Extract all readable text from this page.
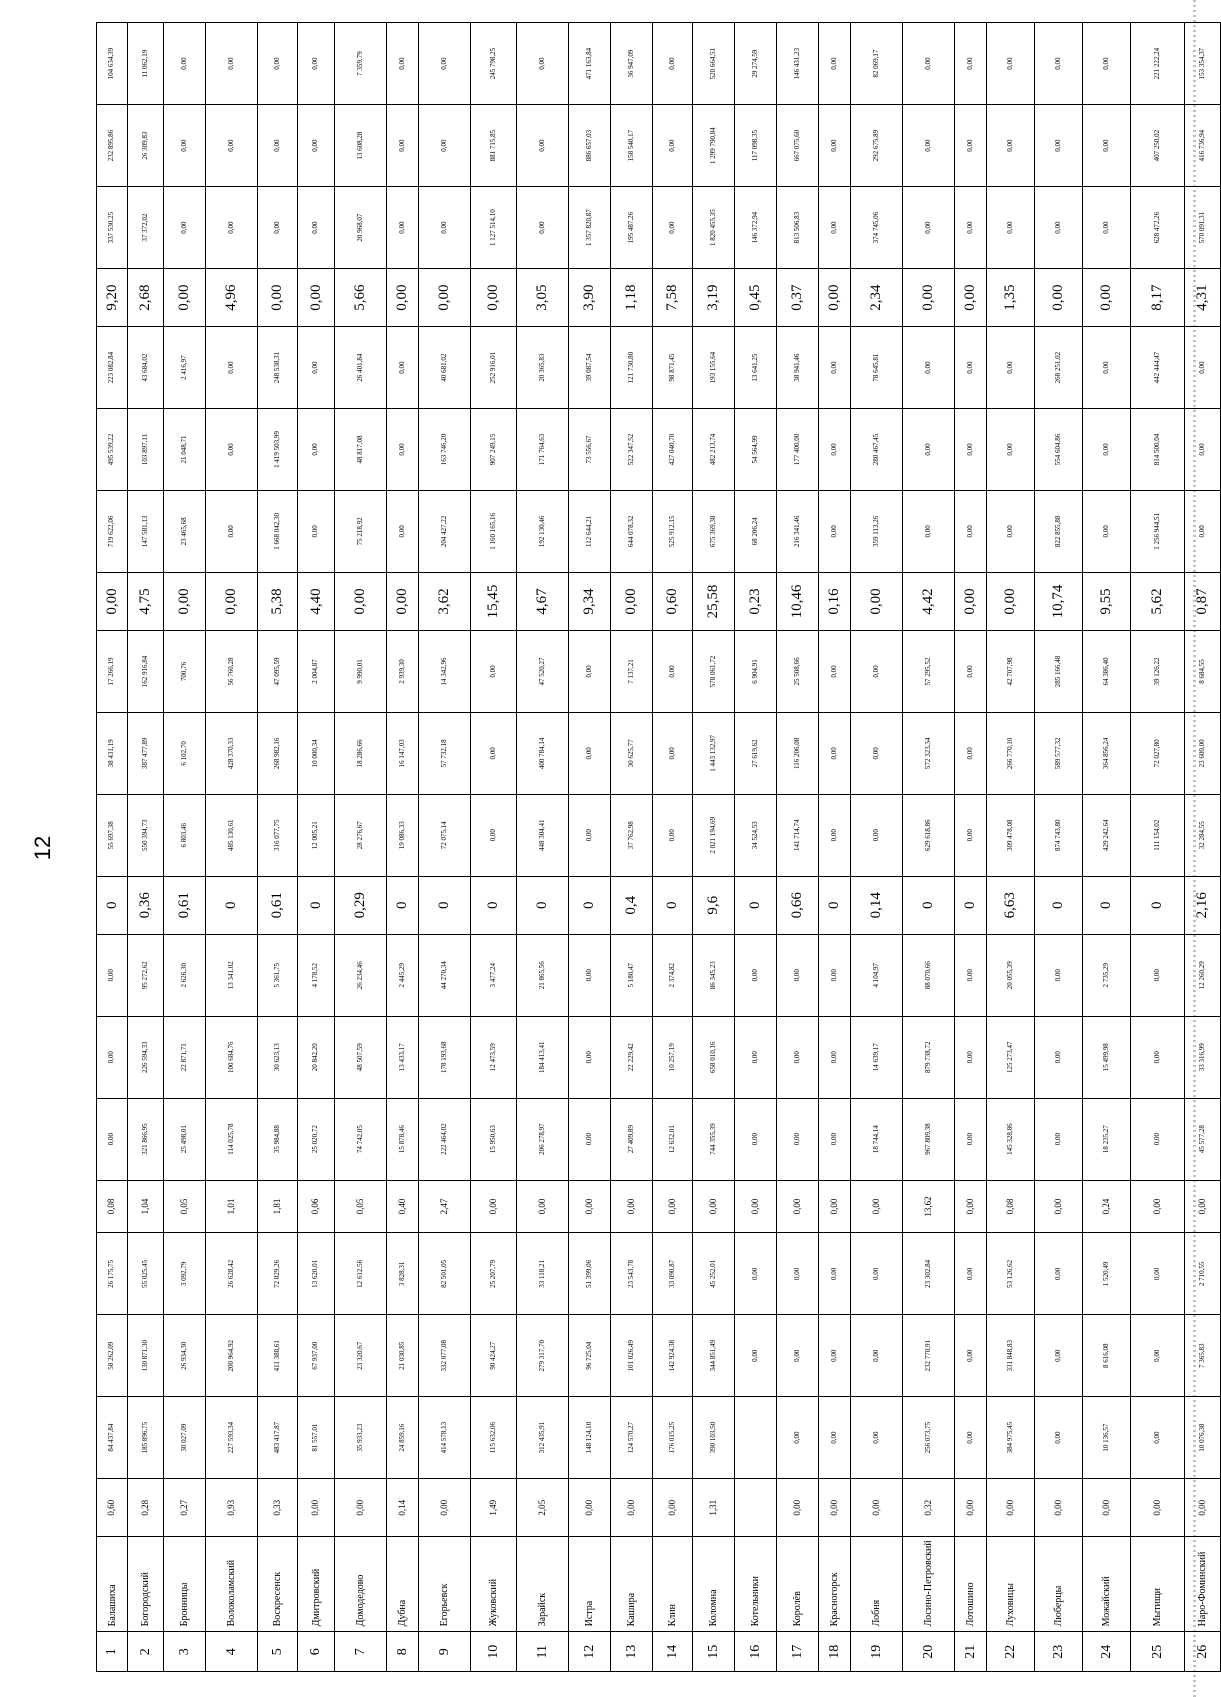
12
1	Балашиха	0,60	84 437,84	58 262,09	26 175,75	0,08	0,00	0,00	0,00	0	55 697,38	38 431,19	17 266,19	0,00	719 622,06	495 539,22	223 082,84	9,20	337 530,25	232 895,86	104 634,39
2	Богородский	0,28	185 896,75	130 871,30	55 025,45	1,04	321 866,95	226 594,33	95 272,62	0,36	550 394,73	387 477,89	162 916,84	4,75	147 581,13	103 897,11	43 684,02	2,68	37 372,02	26 309,83	11 062,19
3	Бронницы	0,27	30 027,09	26 934,30	3 092,79	0,05	25 498,01	22 871,71	2 626,30	0,61	6 803,46	6 102,70	700,76	0,00	23 465,68	21 048,71	2 416,97	0,00	0,00	0,00	0,00
4	Волоколамский	0,93	227 593,34	200 964,92	26 628,42	1,01	114 025,78	100 684,76	13 341,02	0	485 130,61	428 370,33	56 760,28	0,00	0,00	0,00	0,00	4,96	0,00	0,00	0,00
5	Воскресенск	0,33	483 417,87	411 388,61	72 029,26	1,81	35 984,88	30 623,13	5 361,75	0,61	316 077,75	268 982,16	47 095,59	5,38	1 668 042,30	1 419 503,99	248 538,31	0,00	0,00	0,00	0,00
6	Дмитровский	0,00	81 557,01	67 937,00	13 620,01	0,06	25 020,72	20 842,20	4 178,52	0	12 005,21	10 000,34	2 004,87	4,40	0,00	0,00	0,00	0,00	0,00	0,00	0,00
7	Домодедово	0,00	35 933,23	23 320,67	12 612,56	0,05	74 742,05	48 507,59	26 234,46	0,29	28 276,67	18 286,66	9 990,01	0,00	75 218,92	48 817,08	26 401,84	5,66	20 968,07	13 608,28	7 359,79
8	Дубна	0,14	24 859,16	21 030,85	3 828,31	0,40	15 878,46	13 433,17	2 445,29	0	19 086,33	16 147,03	2 939,30	0,00	0,00	0,00	0,00	0,00	0,00	0,00	0,00
9	Егорьевск	0,00	414 578,13	332 077,08	82 501,05	2,47	222 464,02	178 193,68	44 270,34	0	72 075,14	57 732,18	14 342,96	3,62	204 427,22	163 746,20	40 681,02	0,00	0,00	0,00	0,00
10	Жуковский	1,49	115 632,06	90 424,27	25 207,79	0,00	15 950,63	12 473,59	3 477,24	0	0,00	0,00	0,00	15,45	1 160 165,16	907 249,15	252 916,01	0,00	1 127 514,10	881 715,85	245 798,25
11	Зарайск	2,05	312 435,91	279 317,70	33 118,21	0,00	206 278,97	184 413,41	21 865,56	0	448 304,41	400 784,14	47 520,27	4,67	192 130,46	171 764,63	20 365,83	3,05	0,00	0,00	0,00
12	Истра	0,00	148 124,10	96 725,04	51 399,06	0,00	0,00	0,00	0,00	0	0,00	0,00	0,00	9,34	112 644,21	73 556,67	39 087,54	3,90	1 357 820,87	886 657,03	471 163,84
13	Кашира	0,00	124 570,27	101 026,49	23 543,78	0,00	27 409,89	22 229,42	5 180,47	0,4	37 762,98	30 625,77	7 137,21	0,00	644 078,32	522 347,52	121 730,80	1,18	195 487,26	158 540,17	36 947,09
14	Клин	0,00	176 015,25	142 924,38	33 090,87	0,00	12 632,01	10 257,19	2 374,82	0	0,00	0,00	0,00	0,60	525 912,15	427 040,70	98 871,45	7,58	0,00	0,00	0,00
15	Коломна	1,31	390 103,50	344 851,49	45 252,01	0,00	744 355,39	658 010,16	86 345,23	9,6	2 021 194,69	1 443 132,97	578 061,72	25,58	675 369,38	482 213,74	193 155,64	3,19	1 820 455,35	1 299 790,84	520 664,51
16	Котельники			0,00	0,00	0,00	0,00	0,00	0,00	0	34 524,53	27 619,62	6 904,91	0,23	68 206,24	54 564,99	13 641,25	0,45	146 372,94	117 098,35	29 274,59
17	Королёв	0,00	0,00	0,00	0,00	0,00	0,00	0,00	0,00	0,66	141 714,74	116 206,08	25 508,66	10,46	216 341,46	177 400,00	38 941,46	0,37	813 506,83	667 075,60	146 431,23
18	Красногорск	0,00	0,00	0,00	0,00	0,00	0,00	0,00	0,00	0	0,00	0,00	0,00	0,16	0,00	0,00	0,00	0,00	0,00	0,00	0,00
19	Лобня	0,00	0,00	0,00	0,00	0,00	18 744,14	14 639,17	4 104,97	0,14	0,00	0,00	0,00	0,00	359 113,26	280 467,45	78 645,81	2,34	374 745,06	292 675,89	82 069,17
20	Лосино-Петровский	0,32	256 073,75	232 770,91	23 302,84	13,62	967 809,38	879 738,72	88 070,66	0	629 618,86	572 323,34	57 295,52	4,42	0,00	0,00	0,00	0,00	0,00	0,00	0,00
21	Лотошино	0,00	0,00	0,00	0,00	0,00	0,00	0,00	0,00	0	0,00	0,00	0,00	0,00	0,00	0,00	0,00	0,00	0,00	0,00	0,00
22	Луховицы	0,00	384 975,45	331 848,83	53 126,62	0,08	145 328,86	125 273,47	20 055,39	6,63	309 478,08	266 770,10	42 707,98	0,00	0,00	0,00	0,00	1,35	0,00	0,00	0,00
23	Люберцы	0,00	0,00	0,00	0,00	0,00	0,00	0,00	0,00	0	874 743,80	589 577,32	285 166,48	10,74	822 855,88	554 604,86	268 251,02	0,00	0,00	0,00	0,00
24	Можайский	0,00	10 136,57	8 616,08	1 520,49	0,24	18 235,27	15 499,98	2 735,29	0	429 242,64	364 856,24	64 386,40	9,55	0,00	0,00	0,00	0,00	0,00	0,00	0,00
25	Мытищи	0,00	0,00	0,00	0,00	0,00	0,00	0,00	0,00	0	111 154,02	72 027,80	39 126,22	5,62	1 256 944,51	814 500,04	442 444,47	8,17	628 472,26	407 250,02	221 222,24
26	Наро-Фоминский	0,00	10 076,38	7 365,83	2 710,55	0,00	45 577,28	33 316,99	12 260,29	2,16	32 284,55	23 600,00	8 684,55	0,87	0,00	0,00	0,00	4,31	570 091,31	416 736,94	153 354,37
